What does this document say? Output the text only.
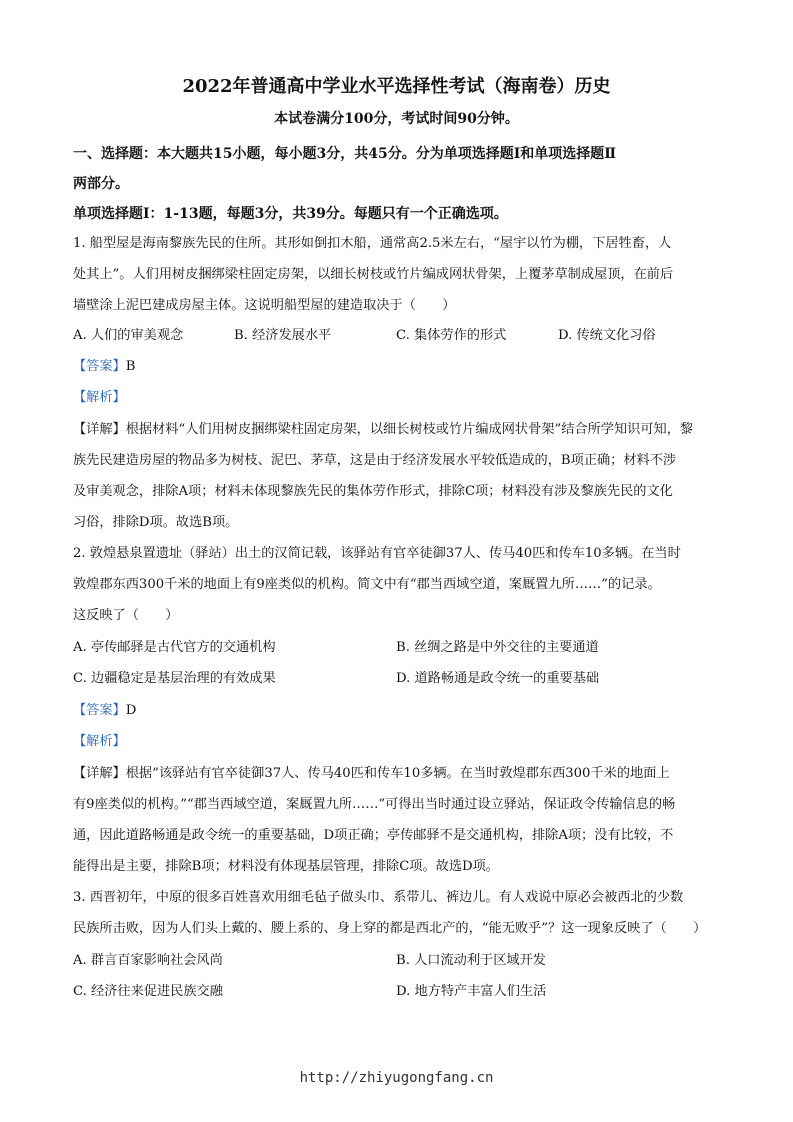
2022年普通高中学业水平选择性考试（海南卷）历史
本试卷满分100分，考试时间90分钟。
一、选择题：本大题共15小题，每小题3分，共45分。分为单项选择题Ⅰ和单项选择题Ⅱ
两部分。
单项选择题Ⅰ：1-13题，每题3分，共39分。每题只有一个正确选项。
1. 船型屋是海南黎族先民的住所。其形如倒扣木船，通常高2.5米左右，“屋宇以竹为棚，下居牲畜，人
处其上”。人们用树皮捆绑梁柱固定房架，以细长树枝或竹片编成网状骨架，上覆茅草制成屋顶，在前后
墙壁涂上泥巴建成房屋主体。这说明船型屋的建造取决于（　　）
A. 人们的审美观念	B. 经济发展水平	C. 集体劳作的形式	D. 传统文化习俗
【答案】B
【解析】
【详解】根据材料“人们用树皮捆绑梁柱固定房架，以细长树枝或竹片编成网状骨架”结合所学知识可知，黎
族先民建造房屋的物品多为树枝、泥巴、茅草，这是由于经济发展水平较低造成的，B项正确；材料不涉
及审美观念，排除A项；材料未体现黎族先民的集体劳作形式，排除C项；材料没有涉及黎族先民的文化
习俗，排除D项。故选B项。
2. 敦煌悬泉置遗址（驿站）出土的汉简记载，该驿站有官卒徒御37人、传马40匹和传车10多辆。在当时
敦煌郡东西300千米的地面上有9座类似的机构。简文中有“郡当西域空道，案厩置九所……”的记录。
这反映了（　　）
A. 亭传邮驿是古代官方的交通机构	B. 丝绸之路是中外交往的主要通道
C. 边疆稳定是基层治理的有效成果	D. 道路畅通是政令统一的重要基础
【答案】D
【解析】
【详解】根据“该驿站有官卒徒御37人、传马40匹和传车10多辆。在当时敦煌郡东西300千米的地面上
有9座类似的机构。”“郡当西域空道，案厩置九所……”可得出当时通过设立驿站，保证政令传输信息的畅
通，因此道路畅通是政令统一的重要基础，D项正确；亭传邮驿不是交通机构，排除A项；没有比较，不
能得出是主要，排除B项；材料没有体现基层管理，排除C项。故选D项。
3. 西晋初年，中原的很多百姓喜欢用细毛毡子做头巾、系带儿、裤边儿。有人戏说中原必会被西北的少数
民族所击败，因为人们头上戴的、腰上系的、身上穿的都是西北产的，“能无败乎”？这一现象反映了（　　）
A. 群言百家影响社会风尚	B. 人口流动利于区域开发
C. 经济往来促进民族交融	D. 地方特产丰富人们生活
http://zhiyugongfang.cn
